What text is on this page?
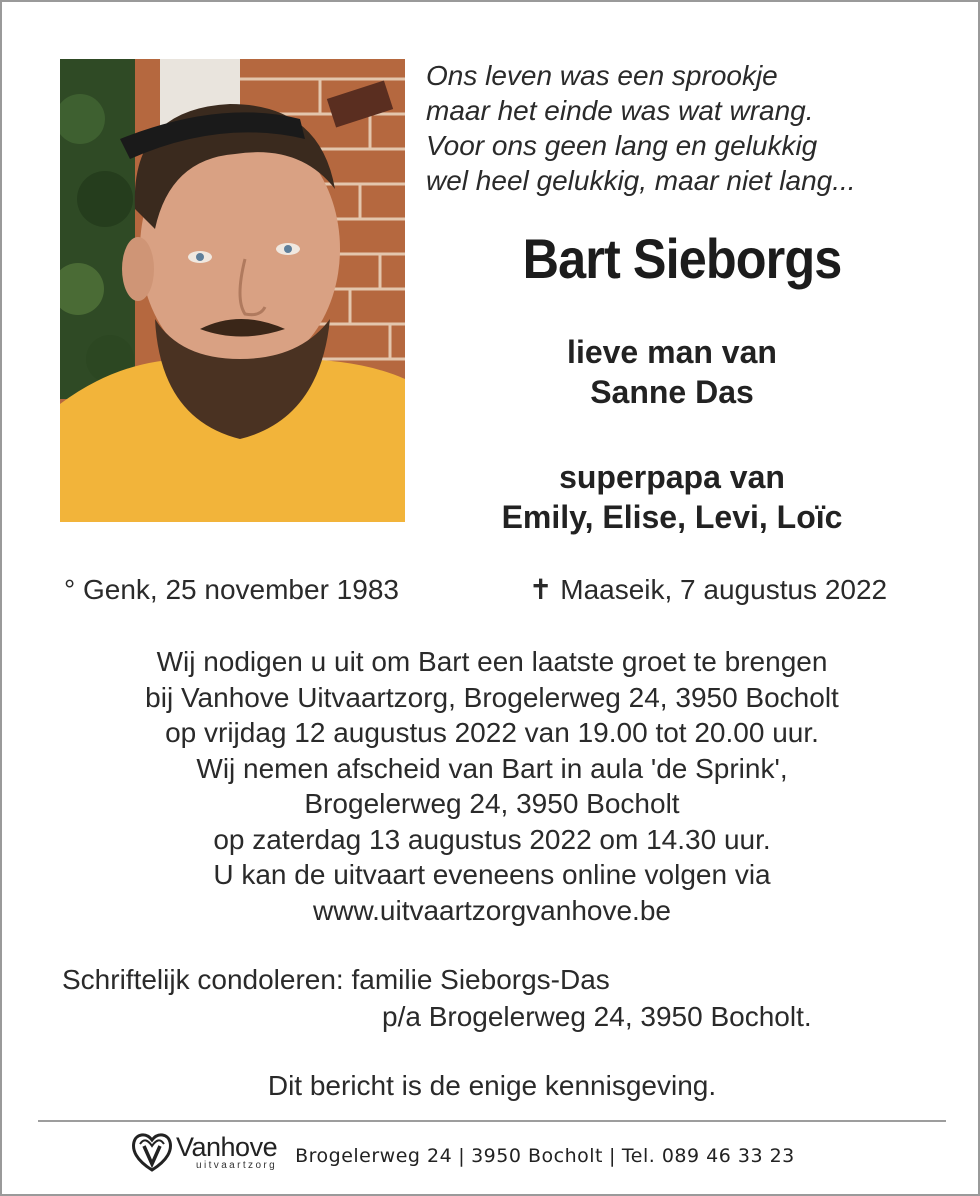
Ons leven was een sprookje
maar het einde was wat wrang.
Voor ons geen lang en gelukkig
wel heel gelukkig, maar niet lang...
Bart Sieborgs
lieve man van
Sanne Das
superpapa van
Emily, Elise, Levi, Loïc
° Genk, 25 november 1983	✝ Maaseik, 7 augustus 2022
Wij nodigen u uit om Bart een laatste groet te brengen
bij Vanhove Uitvaartzorg, Brogelerweg 24, 3950 Bocholt
op vrijdag 12 augustus 2022 van 19.00 tot 20.00 uur.
Wij nemen afscheid van Bart in aula 'de Sprink',
Brogelerweg 24, 3950 Bocholt
op zaterdag 13 augustus 2022 om 14.30 uur.
U kan de uitvaart eveneens online volgen via
www.uitvaartzorgvanhove.be
Schriftelijk condoleren: familie Sieborgs-Das
p/a Brogelerweg 24, 3950 Bocholt.
Dit bericht is de enige kennisgeving.
Vanhove
uitvaartzorg Brogelerweg 24 | 3950 Bocholt | Tel. 089 46 33 23
